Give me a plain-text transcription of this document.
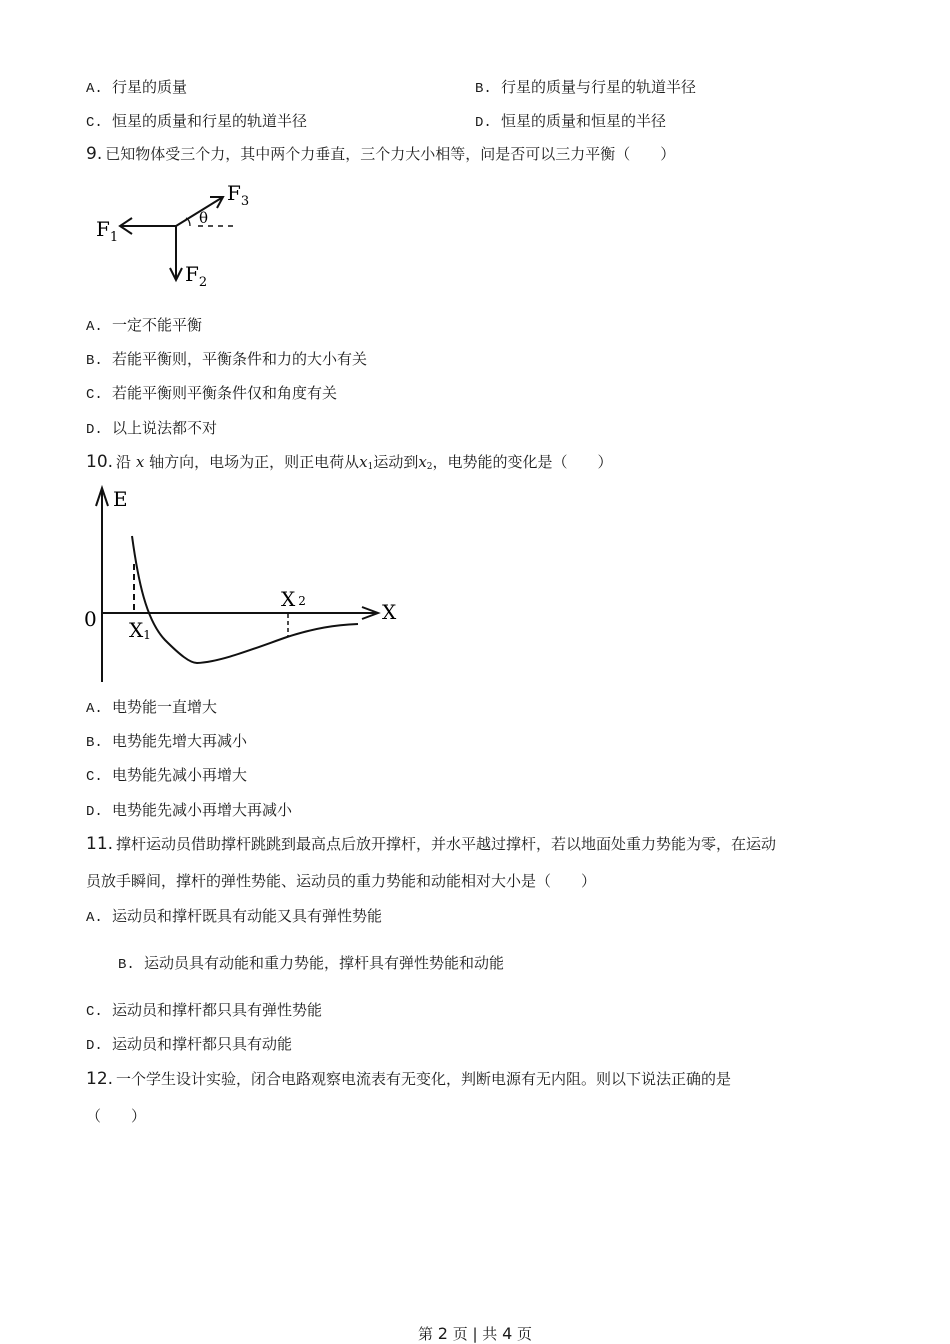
A. 行星的质量	B. 行星的质量与行星的轨道半径
C. 恒星的质量和行星的轨道半径	D. 恒星的质量和恒星的半径
9. 已知物体受三个力，其中两个力垂直，三个力大小相等，问是否可以三力平衡（　　）
$F_1$
$F_2$
$F_3$
θ
A. 一定不能平衡
B. 若能平衡则，平衡条件和力的大小有关
C. 若能平衡则平衡条件仅和角度有关
D. 以上说法都不对
10. 沿 x 轴方向，电场为正，则正电荷从$x_1$运动到$x_2$，电势能的变化是（　　）
E
X
0 X1
X 2
A. 电势能一直增大
B. 电势能先增大再减小
C. 电势能先减小再增大
D. 电势能先减小再增大再减小
11. 撑杆运动员借助撑杆跳跳到最高点后放开撑杆，并水平越过撑杆，若以地面处重力势能为零，在运动
员放手瞬间，撑杆的弹性势能、运动员的重力势能和动能相对大小是（　　）
A. 运动员和撑杆既具有动能又具有弹性势能
B. 运动员具有动能和重力势能，撑杆具有弹性势能和动能
C. 运动员和撑杆都只具有弹性势能
D. 运动员和撑杆都只具有动能
12. 一个学生设计实验，闭合电路观察电流表有无变化，判断电源有无内阻。则以下说法正确的是
（　　）
第 2 页 | 共 4 页
